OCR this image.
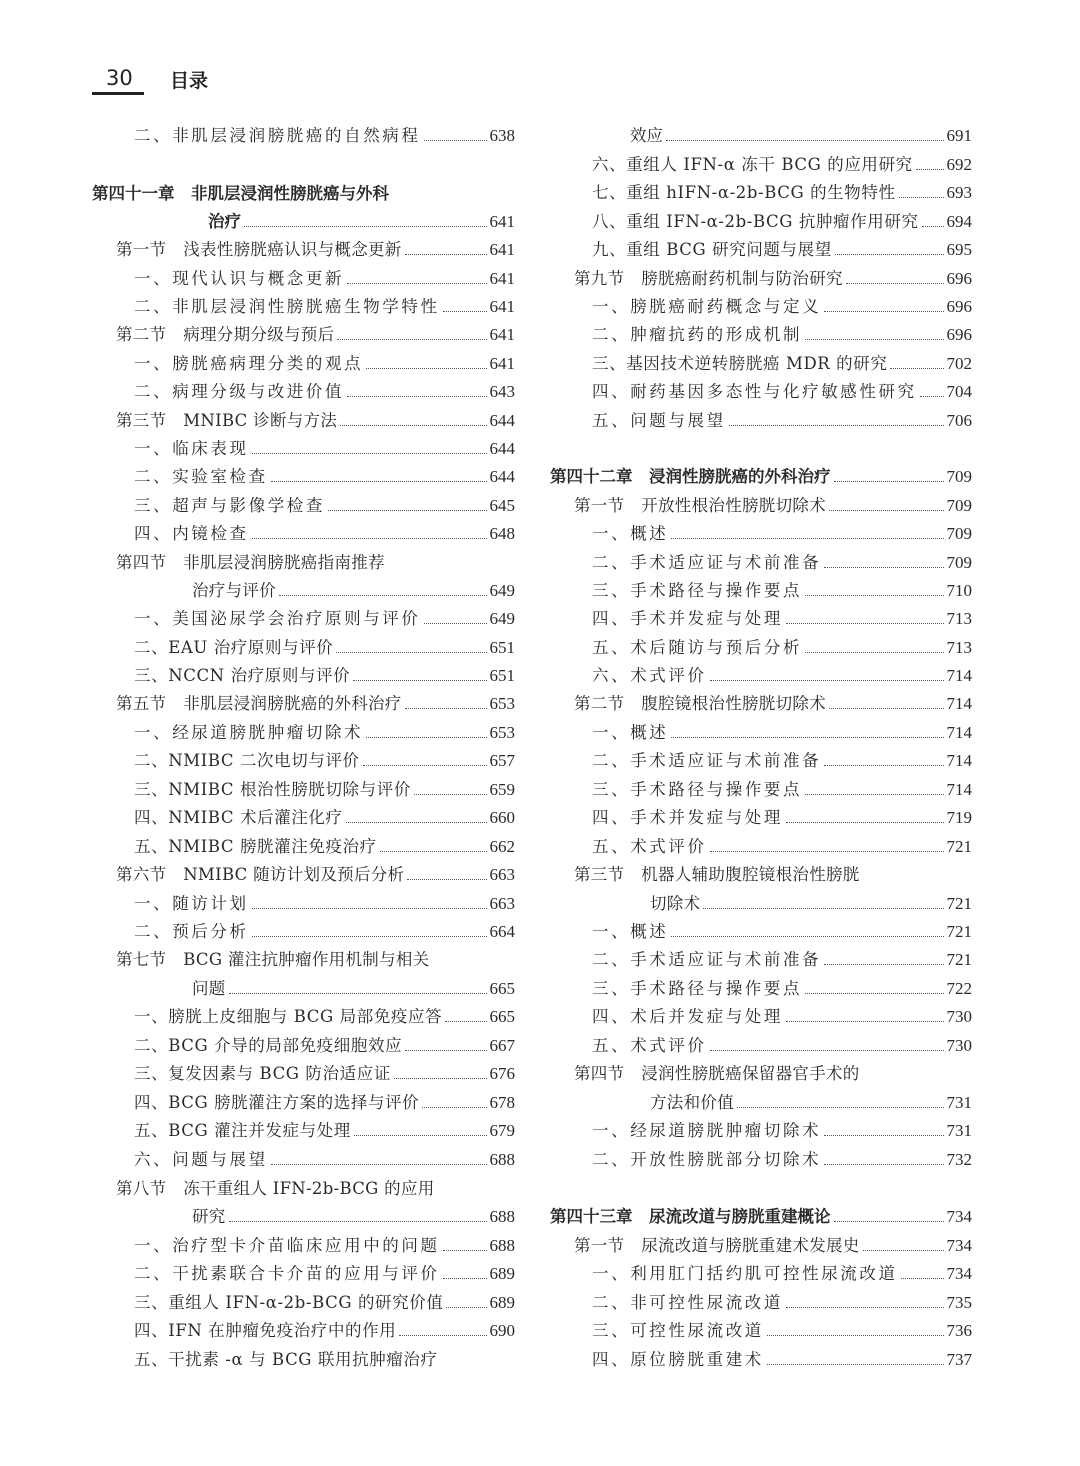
30 目录
二、非肌层浸润膀胱癌的自然病程	638
第四十一章　非肌层浸润性膀胱癌与外科
治疗	641
第一节　浅表性膀胱癌认识与概念更新	641
一、现代认识与概念更新	641
二、非肌层浸润性膀胱癌生物学特性	641
第二节　病理分期分级与预后	641
一、膀胱癌病理分类的观点	641
二、病理分级与改进价值	643
第三节　MNIBC 诊断与方法	644
一、临床表现	644
二、实验室检查	644
三、超声与影像学检查	645
四、内镜检查	648
第四节　非肌层浸润膀胱癌指南推荐
治疗与评价	649
一、美国泌尿学会治疗原则与评价	649
二、EAU 治疗原则与评价	651
三、NCCN 治疗原则与评价	651
第五节　非肌层浸润膀胱癌的外科治疗	653
一、经尿道膀胱肿瘤切除术	653
二、NMIBC 二次电切与评价	657
三、NMIBC 根治性膀胱切除与评价	659
四、NMIBC 术后灌注化疗	660
五、NMIBC 膀胱灌注免疫治疗	662
第六节　NMIBC 随访计划及预后分析	663
一、随访计划	663
二、预后分析	664
第七节　BCG 灌注抗肿瘤作用机制与相关
问题	665
一、膀胱上皮细胞与 BCG 局部免疫应答	665
二、BCG 介导的局部免疫细胞效应	667
三、复发因素与 BCG 防治适应证	676
四、BCG 膀胱灌注方案的选择与评价	678
五、BCG 灌注并发症与处理	679
六、问题与展望	688
第八节　冻干重组人 IFN-2b-BCG 的应用
研究	688
一、治疗型卡介苗临床应用中的问题	688
二、干扰素联合卡介苗的应用与评价	689
三、重组人 IFN-α-2b-BCG 的研究价值	689
四、IFN 在肿瘤免疫治疗中的作用	690
五、干扰素 -α 与 BCG 联用抗肿瘤治疗
效应	691
六、重组人 IFN-α 冻干 BCG 的应用研究 692
七、重组 hIFN-α-2b-BCG 的生物特性	693
八、重组 IFN-α-2b-BCG 抗肿瘤作用研究 694
九、重组 BCG 研究问题与展望	695
第九节　膀胱癌耐药机制与防治研究	696
一、膀胱癌耐药概念与定义	696
二、肿瘤抗药的形成机制	696
三、基因技术逆转膀胱癌 MDR 的研究	702
四、耐药基因多态性与化疗敏感性研究 704
五、问题与展望	706
第四十二章　浸润性膀胱癌的外科治疗	709
第一节　开放性根治性膀胱切除术	709
一、概述	709
二、手术适应证与术前准备	709
三、手术路径与操作要点	710
四、手术并发症与处理	713
五、术后随访与预后分析	713
六、术式评价	714
第二节　腹腔镜根治性膀胱切除术	714
一、概述	714
二、手术适应证与术前准备	714
三、手术路径与操作要点	714
四、手术并发症与处理	719
五、术式评价	721
第三节　机器人辅助腹腔镜根治性膀胱
切除术	721
一、概述	721
二、手术适应证与术前准备	721
三、手术路径与操作要点	722
四、术后并发症与处理	730
五、术式评价	730
第四节　浸润性膀胱癌保留器官手术的
方法和价值	731
一、经尿道膀胱肿瘤切除术	731
二、开放性膀胱部分切除术	732
第四十三章　尿流改道与膀胱重建概论	734
第一节　尿流改道与膀胱重建术发展史	734
一、利用肛门括约肌可控性尿流改道	734
二、非可控性尿流改道	735
三、可控性尿流改道	736
四、原位膀胱重建术	737
